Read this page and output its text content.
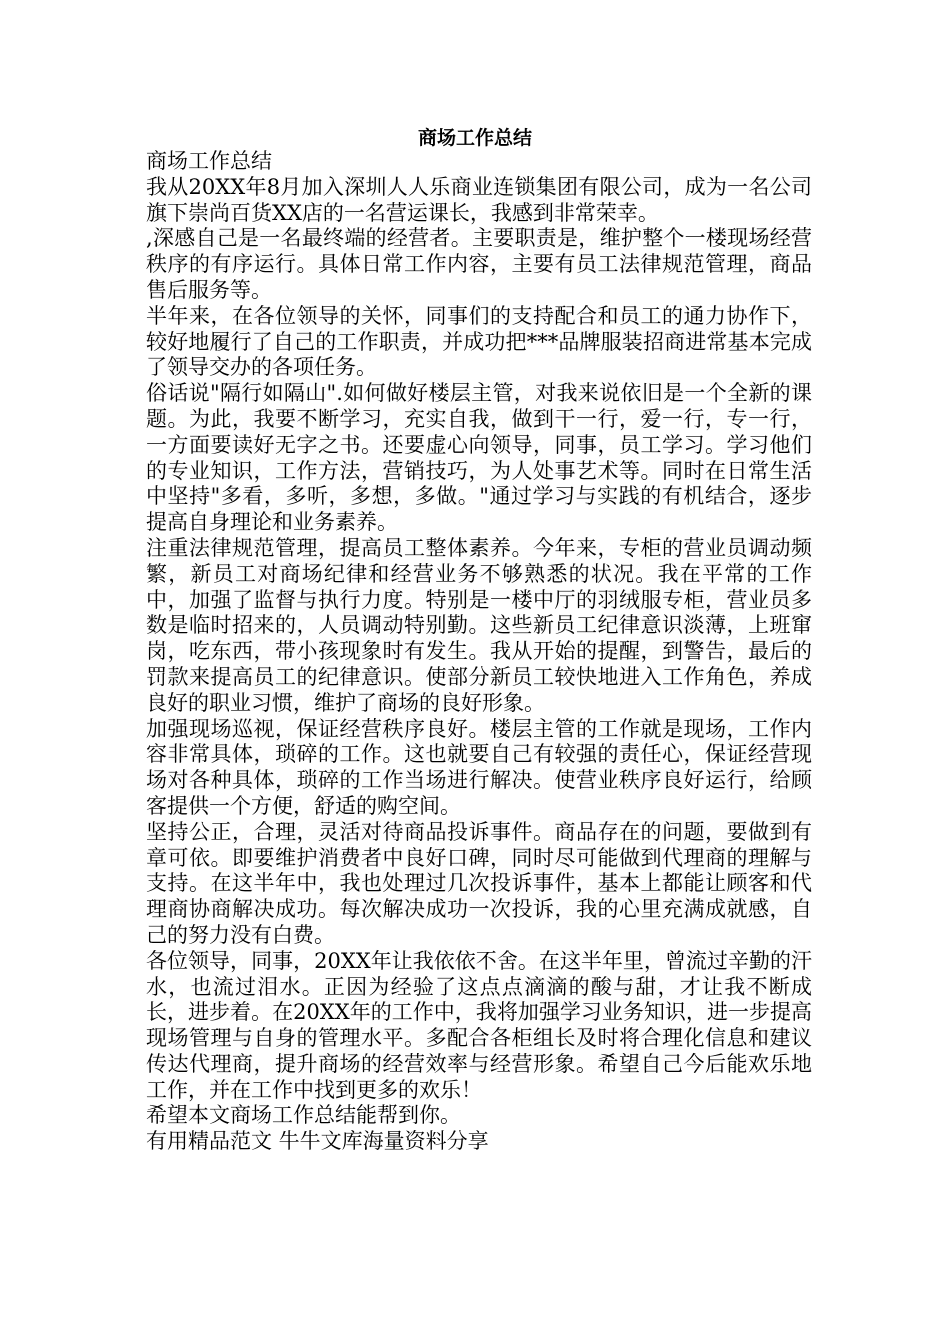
商场工作总结

商场工作总结

我从20XX年8月加入深圳人人乐商业连锁集团有限公司，成为一名公司旗下崇尚百货XX店的一名营运课长，我感到非常荣幸。

,深感自己是一名最终端的经营者。主要职责是，维护整个一楼现场经营秩序的有序运行。具体日常工作内容，主要有员工法律规范管理，商品售后服务等。

半年来，在各位领导的关怀，同事们的支持配合和员工的通力协作下，较好地履行了自己的工作职责，并成功把***品牌服装招商进常基本完成了领导交办的各项任务。

俗话说"隔行如隔山".如何做好楼层主管，对我来说依旧是一个全新的课题。为此，我要不断学习，充实自我，做到干一行，爱一行，专一行，一方面要读好无字之书。还要虚心向领导，同事，员工学习。学习他们的专业知识，工作方法，营销技巧，为人处事艺术等。同时在日常生活中坚持"多看，多听，多想，多做。"通过学习与实践的有机结合，逐步提高自身理论和业务素养。

注重法律规范管理，提高员工整体素养。今年来，专柜的营业员调动频繁，新员工对商场纪律和经营业务不够熟悉的状况。我在平常的工作中，加强了监督与执行力度。特别是一楼中厅的羽绒服专柜，营业员多数是临时招来的，人员调动特别勤。这些新员工纪律意识淡薄，上班窜岗，吃东西，带小孩现象时有发生。我从开始的提醒，到警告，最后的罚款来提高员工的纪律意识。使部分新员工较快地进入工作角色，养成良好的职业习惯，维护了商场的良好形象。

加强现场巡视，保证经营秩序良好。楼层主管的工作就是现场，工作内容非常具体，琐碎的工作。这也就要自己有较强的责任心，保证经营现场对各种具体，琐碎的工作当场进行解决。使营业秩序良好运行，给顾客提供一个方便，舒适的购空间。

坚持公正，合理，灵活对待商品投诉事件。商品存在的问题，要做到有章可依。即要维护消费者中良好口碑，同时尽可能做到代理商的理解与支持。在这半年中，我也处理过几次投诉事件，基本上都能让顾客和代理商协商解决成功。每次解决成功一次投诉，我的心里充满成就感，自己的努力没有白费。

各位领导，同事，20XX年让我依依不舍。在这半年里，曾流过辛勤的汗水，也流过泪水。正因为经验了这点点滴滴的酸与甜，才让我不断成长，进步着。在20XX年的工作中，我将加强学习业务知识，进一步提高现场管理与自身的管理水平。多配合各柜组长及时将合理化信息和建议传达代理商，提升商场的经营效率与经营形象。希望自己今后能欢乐地工作，并在工作中找到更多的欢乐！

希望本文商场工作总结能帮到你。

有用精品范文 牛牛文库海量资料分享
